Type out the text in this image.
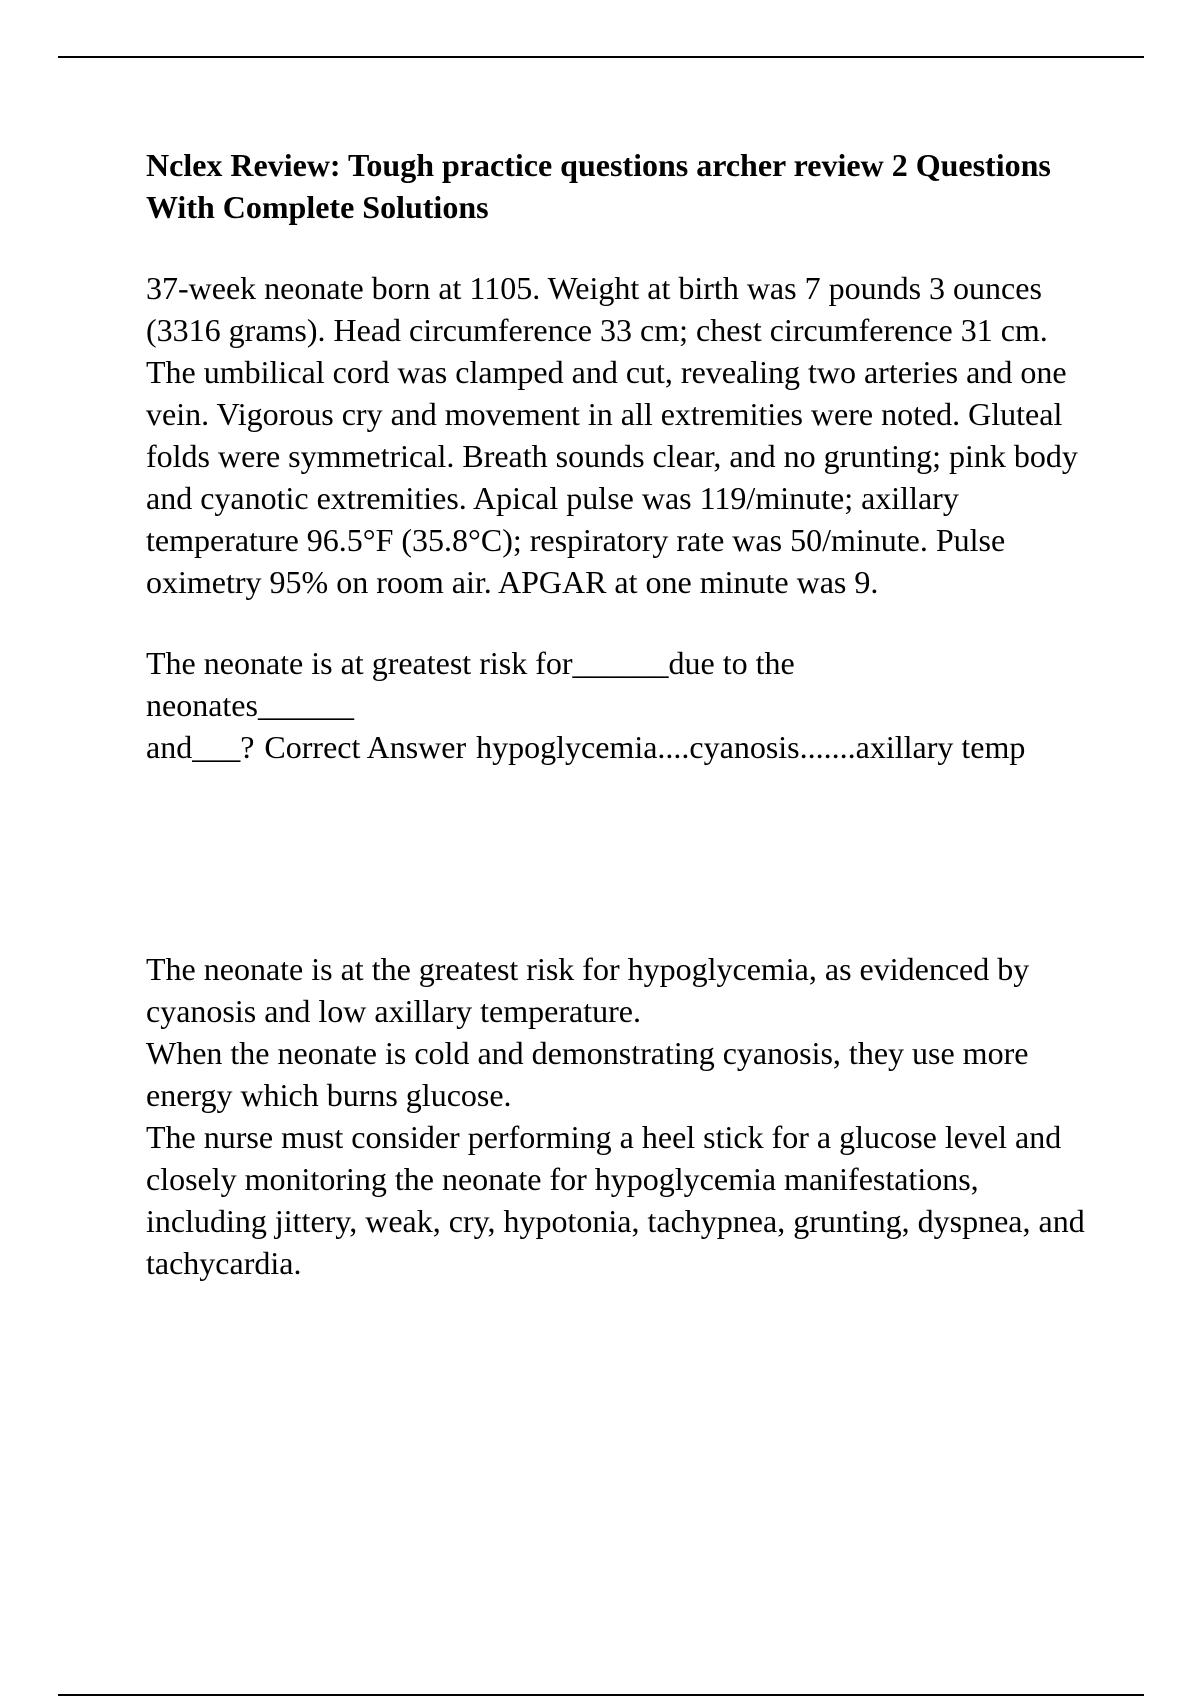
Nclex Review: Tough practice questions archer review 2 Questions With Complete Solutions

37-week neonate born at 1105. Weight at birth was 7 pounds 3 ounces (3316 grams). Head circumference 33 cm; chest circumference 31 cm. The umbilical cord was clamped and cut, revealing two arteries and one vein. Vigorous cry and movement in all extremities were noted. Gluteal folds were symmetrical. Breath sounds clear, and no grunting; pink body and cyanotic extremities. Apical pulse was 119/minute; axillary temperature 96.5°F (35.8°C); respiratory rate was 50/minute. Pulse oximetry 95% on room air. APGAR at one minute was 9.

The neonate is at greatest risk for______due to the
neonates______
and___? Correct Answer hypoglycemia....cyanosis.......axillary temp
The neonate is at the greatest risk for hypoglycemia, as evidenced by cyanosis and low axillary temperature.
When the neonate is cold and demonstrating cyanosis, they use more energy which burns glucose.
The nurse must consider performing a heel stick for a glucose level and closely monitoring the neonate for hypoglycemia manifestations, including jittery, weak, cry, hypotonia, tachypnea, grunting, dyspnea, and tachycardia.
